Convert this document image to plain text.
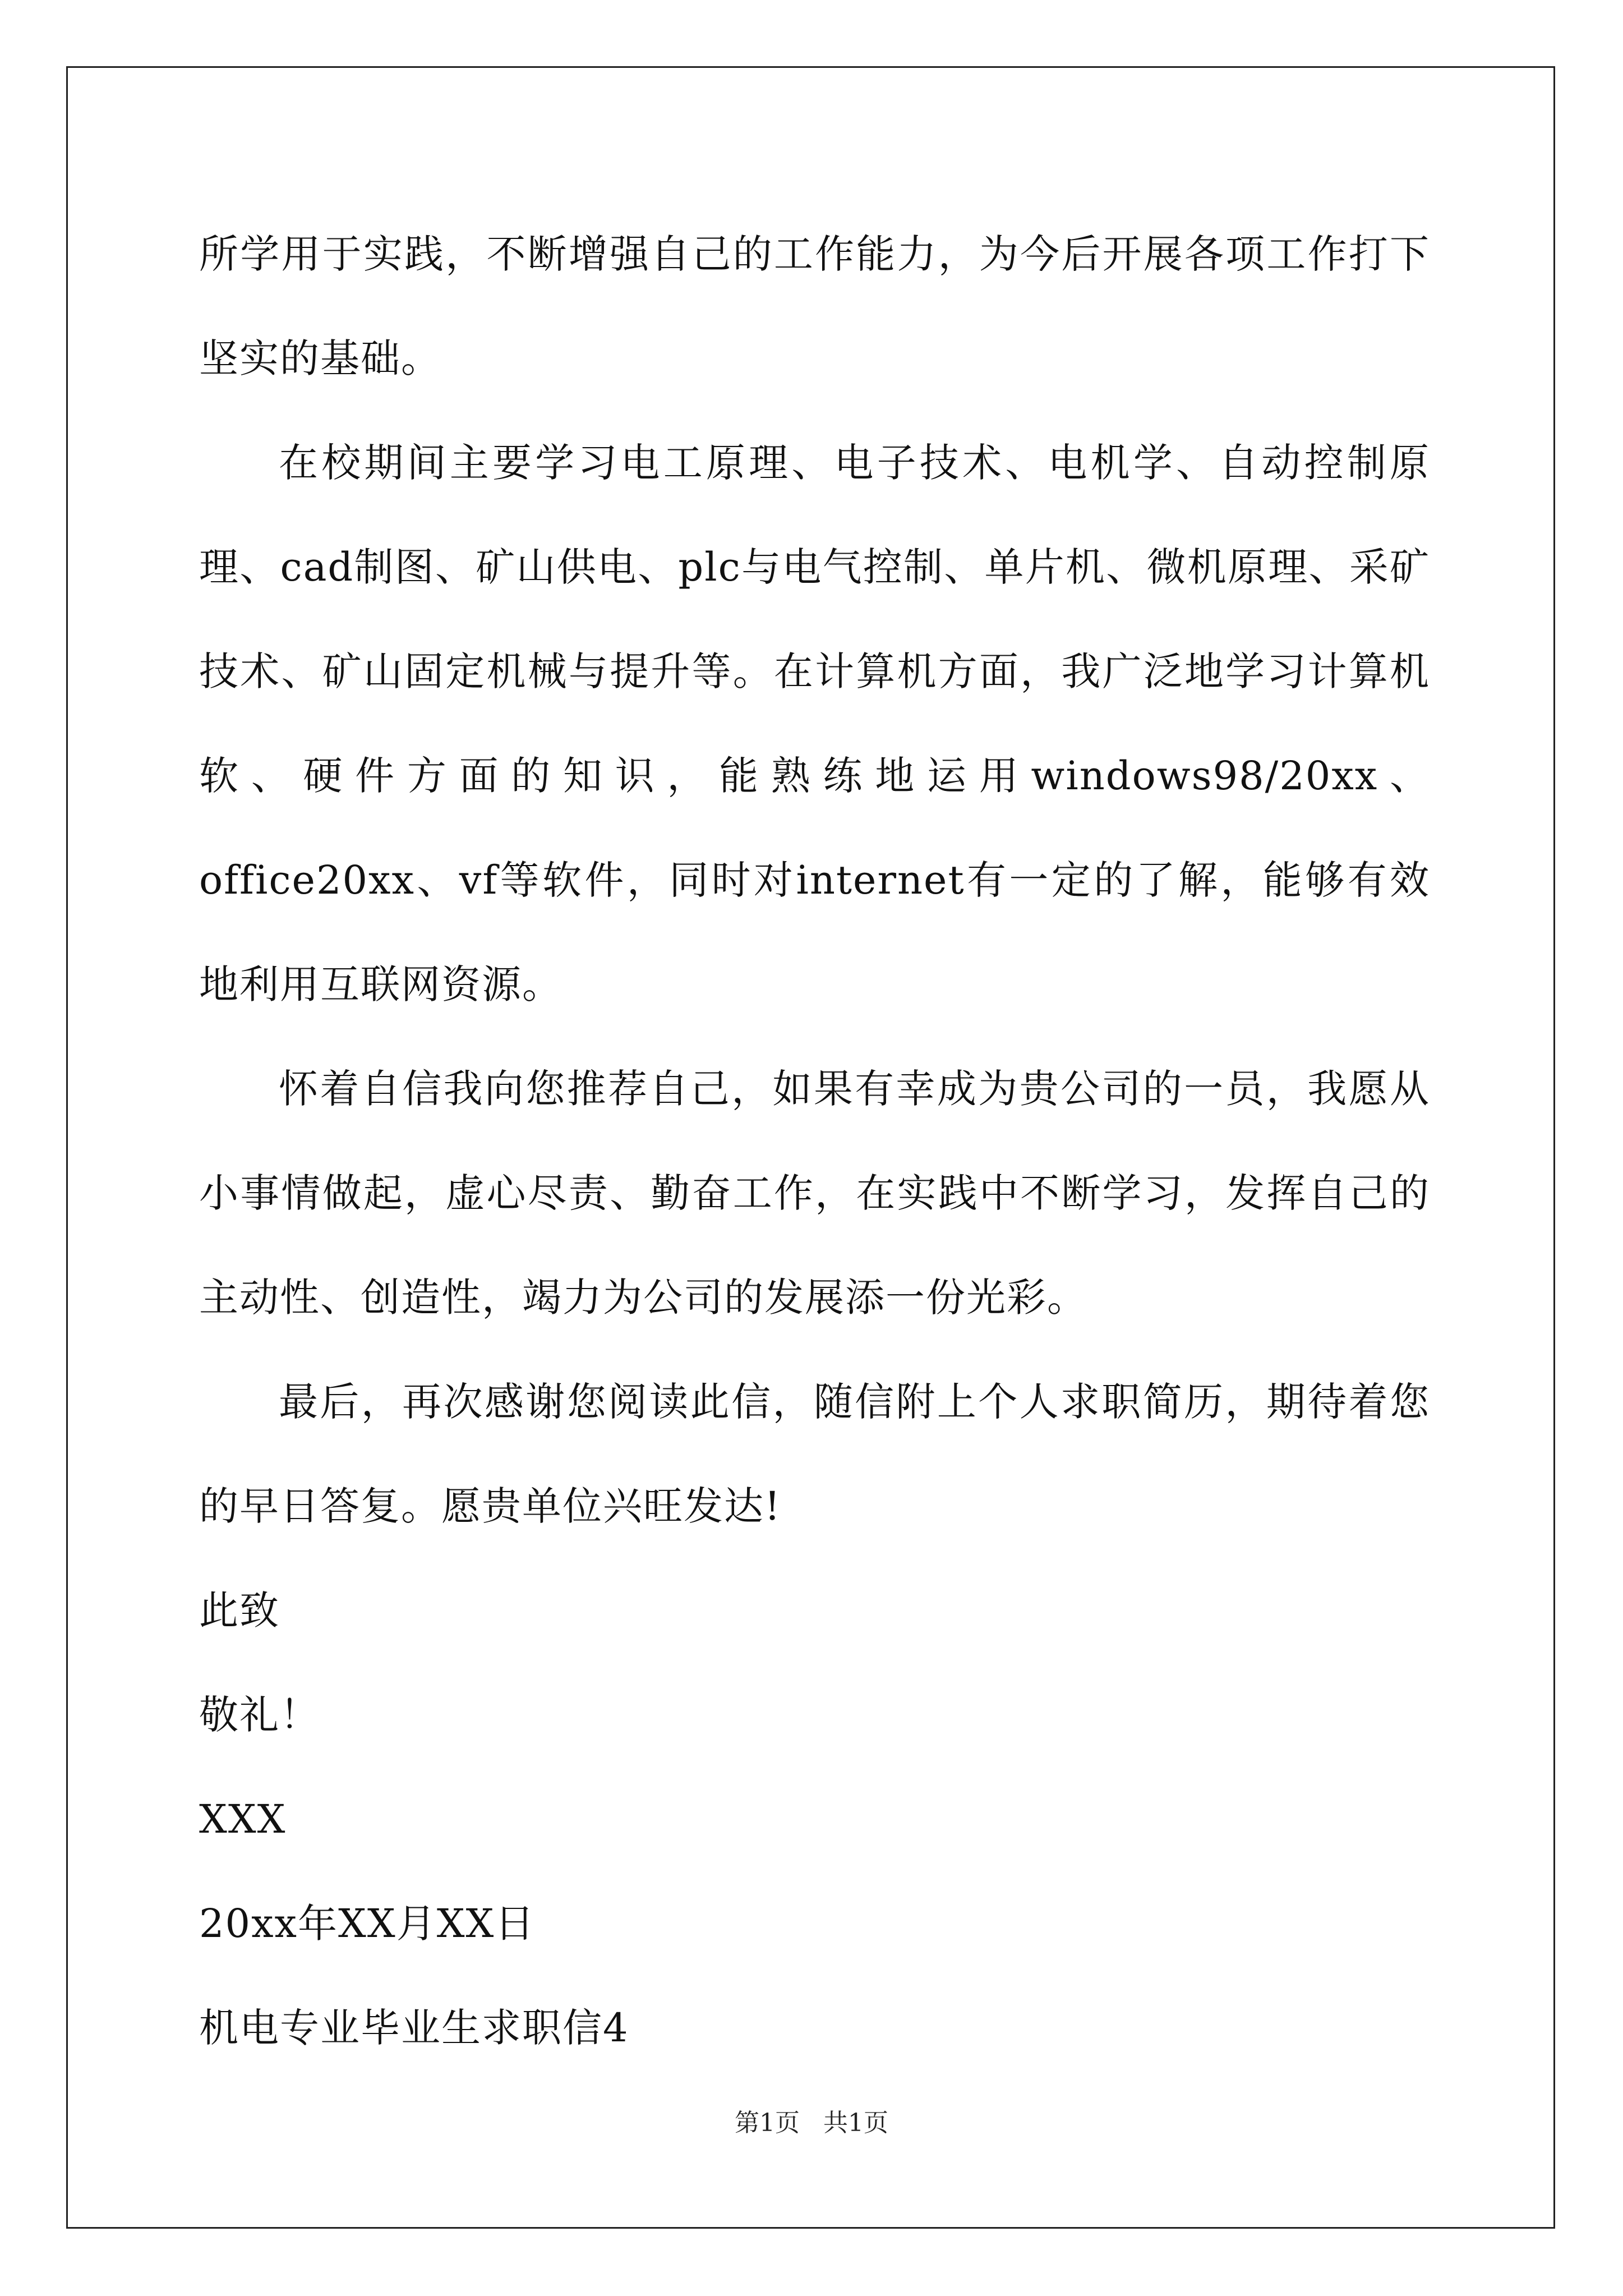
所学用于实践，不断增强自己的工作能力，为今后开展各项工作打下坚实的基础。

在校期间主要学习电工原理、电子技术、电机学、自动控制原理、cad制图、矿山供电、plc与电气控制、单片机、微机原理、采矿技术、矿山固定机械与提升等。在计算机方面，我广泛地学习计算机软、硬件方面的知识，能熟练地运用windows98/20xx、office20xx、vf等软件，同时对internet有一定的了解，能够有效地利用互联网资源。

怀着自信我向您推荐自己，如果有幸成为贵公司的一员，我愿从小事情做起，虚心尽责、勤奋工作，在实践中不断学习，发挥自己的主动性、创造性，竭力为公司的发展添一份光彩。

最后，再次感谢您阅读此信，随信附上个人求职简历，期待着您的早日答复。愿贵单位兴旺发达!

此致

敬礼！

XXX

20xx年XX月XX日

机电专业毕业生求职信4

第1页 共1页
